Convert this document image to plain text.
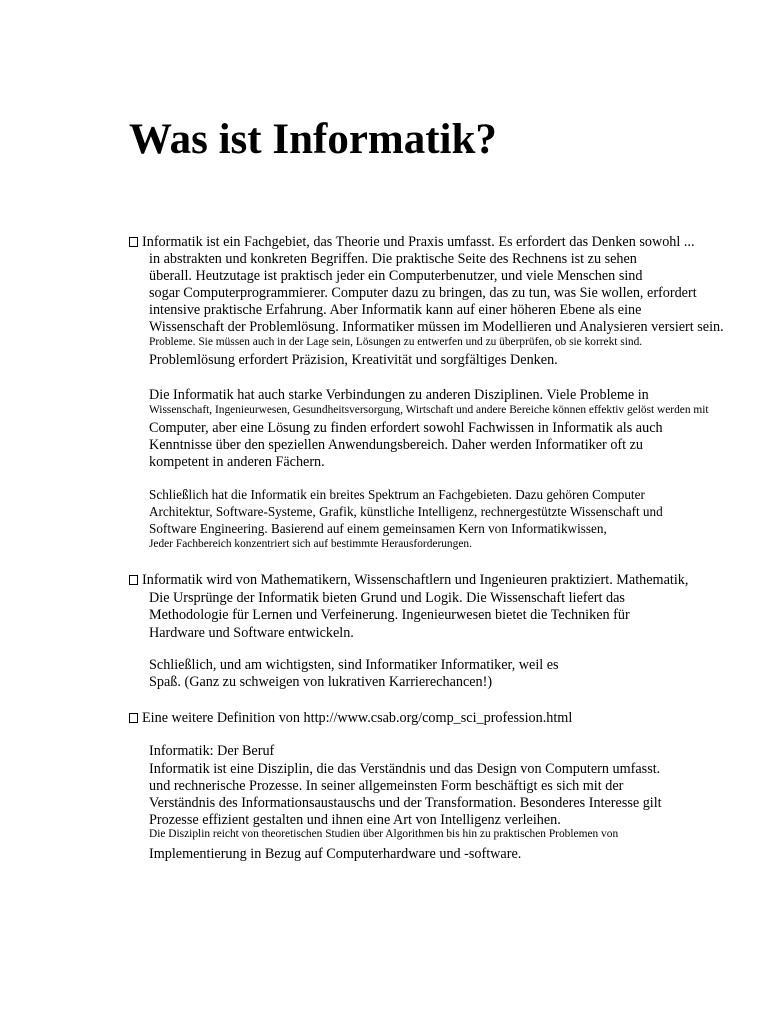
Was ist Informatik?
Informatik ist ein Fachgebiet, das Theorie und Praxis umfasst. Es erfordert das Denken sowohl ...
in abstrakten und konkreten Begriffen. Die praktische Seite des Rechnens ist zu sehen
überall. Heutzutage ist praktisch jeder ein Computerbenutzer, und viele Menschen sind
sogar Computerprogrammierer. Computer dazu zu bringen, das zu tun, was Sie wollen, erfordert
intensive praktische Erfahrung. Aber Informatik kann auf einer höheren Ebene als eine
Wissenschaft der Problemlösung. Informatiker müssen im Modellieren und Analysieren versiert sein.
Probleme. Sie müssen auch in der Lage sein, Lösungen zu entwerfen und zu überprüfen, ob sie korrekt sind.
Problemlösung erfordert Präzision, Kreativität und sorgfältiges Denken.
Die Informatik hat auch starke Verbindungen zu anderen Disziplinen. Viele Probleme in
Wissenschaft, Ingenieurwesen, Gesundheitsversorgung, Wirtschaft und andere Bereiche können effektiv gelöst werden mit
Computer, aber eine Lösung zu finden erfordert sowohl Fachwissen in Informatik als auch
Kenntnisse über den speziellen Anwendungsbereich. Daher werden Informatiker oft zu
kompetent in anderen Fächern.
Schließlich hat die Informatik ein breites Spektrum an Fachgebieten. Dazu gehören Computer
Architektur, Software-Systeme, Grafik, künstliche Intelligenz, rechnergestützte Wissenschaft und
Software Engineering. Basierend auf einem gemeinsamen Kern von Informatikwissen,
Jeder Fachbereich konzentriert sich auf bestimmte Herausforderungen.
Informatik wird von Mathematikern, Wissenschaftlern und Ingenieuren praktiziert. Mathematik,
Die Ursprünge der Informatik bieten Grund und Logik. Die Wissenschaft liefert das
Methodologie für Lernen und Verfeinerung. Ingenieurwesen bietet die Techniken für
Hardware und Software entwickeln.
Schließlich, und am wichtigsten, sind Informatiker Informatiker, weil es
Spaß. (Ganz zu schweigen von lukrativen Karrierechancen!)
Eine weitere Definition von http://www.csab.org/comp_sci_profession.html
Informatik: Der Beruf
Informatik ist eine Disziplin, die das Verständnis und das Design von Computern umfasst.
und rechnerische Prozesse. In seiner allgemeinsten Form beschäftigt es sich mit der
Verständnis des Informationsaustauschs und der Transformation. Besonderes Interesse gilt
Prozesse effizient gestalten und ihnen eine Art von Intelligenz verleihen.
Die Disziplin reicht von theoretischen Studien über Algorithmen bis hin zu praktischen Problemen von
Implementierung in Bezug auf Computerhardware und -software.
